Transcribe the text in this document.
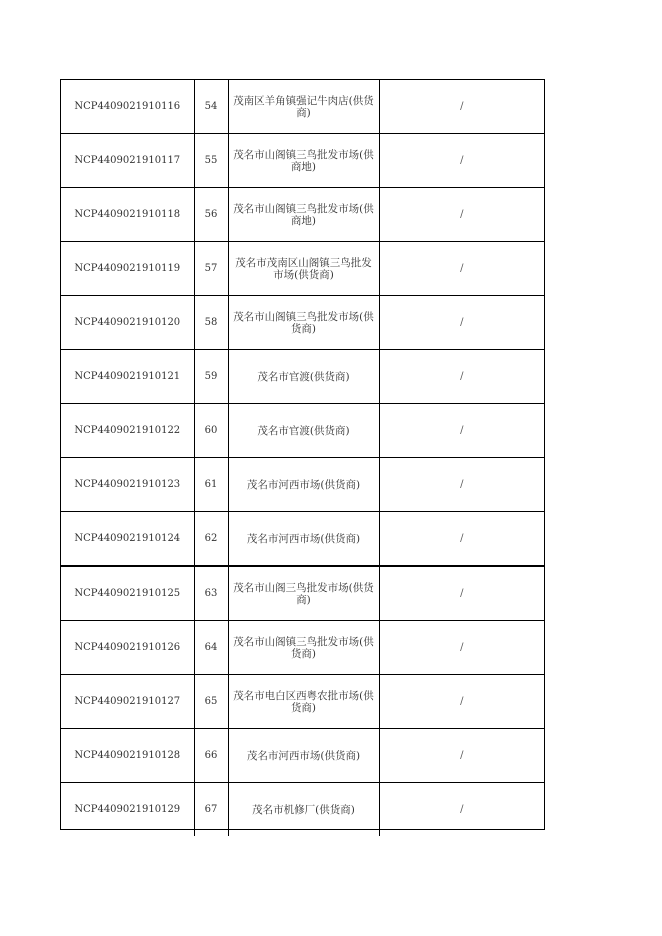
NCP4409021910116	54	茂南区羊角镇强记牛肉店(供货商)	/
NCP4409021910117	55	茂名市山阁镇三鸟批发市场(供商地)	/
NCP4409021910118	56	茂名市山阁镇三鸟批发市场(供商地)	/
NCP4409021910119	57	茂名市茂南区山阁镇三鸟批发市场(供货商)	/
NCP4409021910120	58	茂名市山阁镇三鸟批发市场(供货商)	/
NCP4409021910121	59	茂名市官渡(供货商)	/
NCP4409021910122	60	茂名市官渡(供货商)	/
NCP4409021910123	61	茂名市河西市场(供货商)	/
NCP4409021910124	62	茂名市河西市场(供货商)	/
NCP4409021910125	63	茂名市山阁三鸟批发市场(供货商)	/
NCP4409021910126	64	茂名市山阁镇三鸟批发市场(供货商)	/
NCP4409021910127	65	茂名市电白区西粤农批市场(供货商)	/
NCP4409021910128	66	茂名市河西市场(供货商)	/
NCP4409021910129	67	茂名市机修厂(供货商)	/
